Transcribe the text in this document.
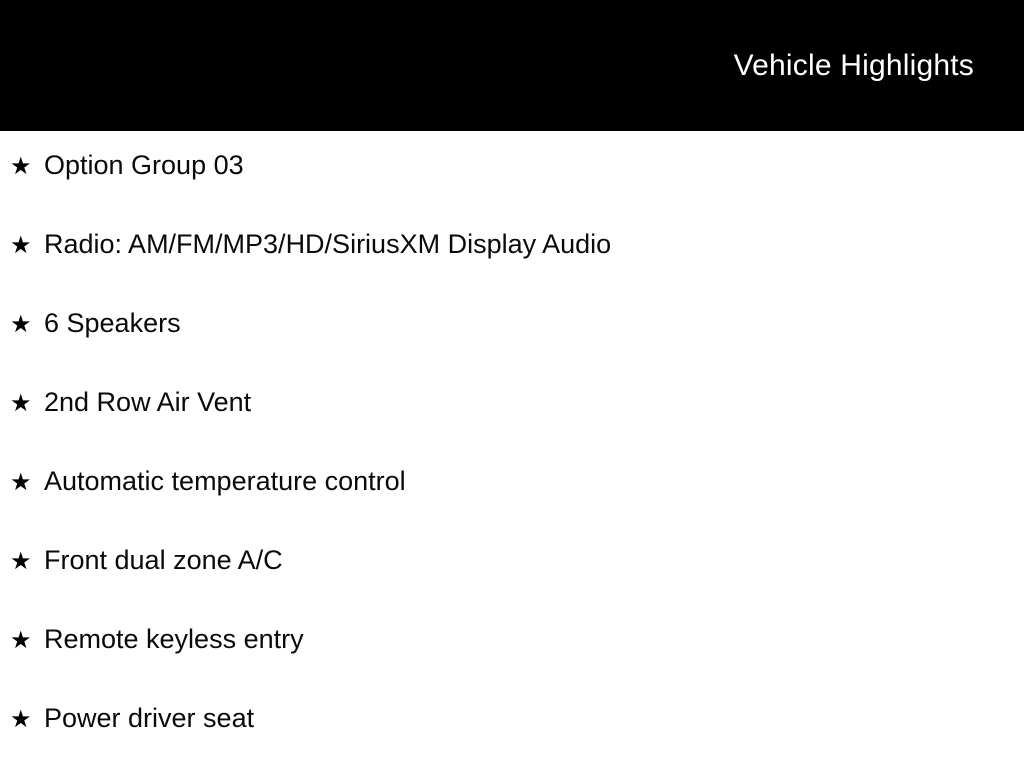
Vehicle Highlights
★ Option Group 03
★ Radio: AM/FM/MP3/HD/SiriusXM Display Audio
★ 6 Speakers
★ 2nd Row Air Vent
★ Automatic temperature control
★ Front dual zone A/C
★ Remote keyless entry
★ Power driver seat
